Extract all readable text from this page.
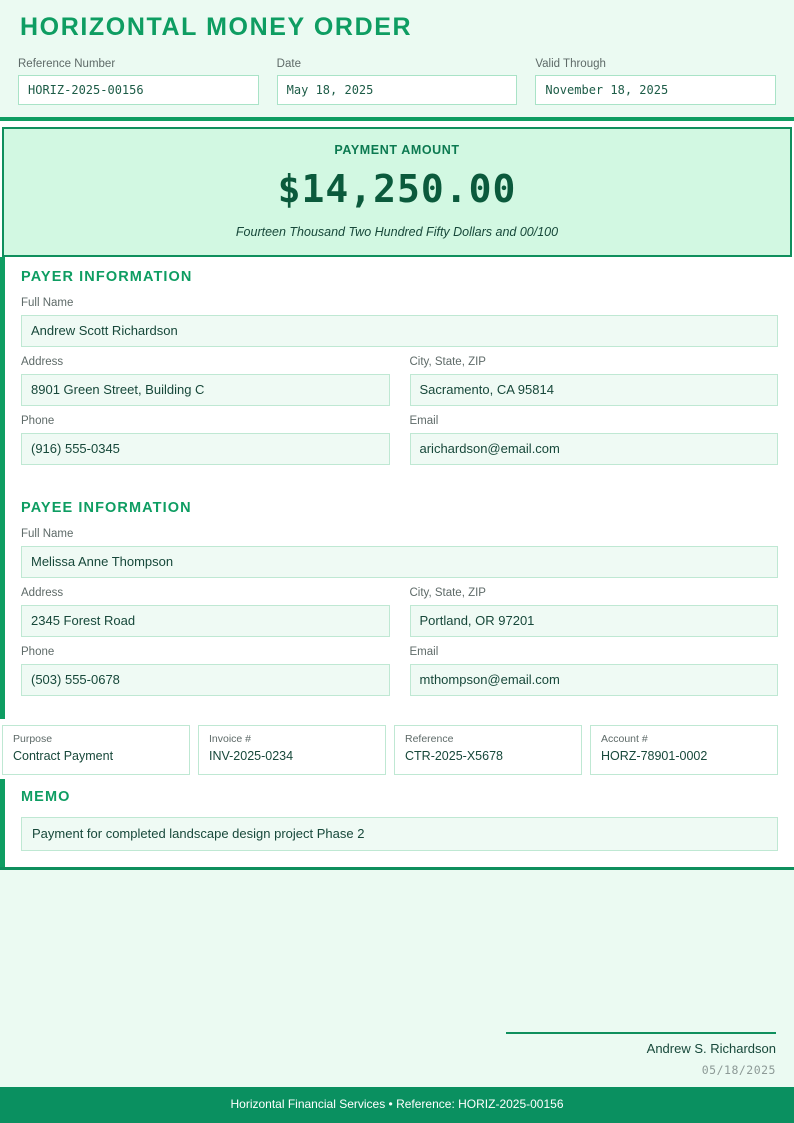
HORIZONTAL MONEY ORDER
Reference Number
HORIZ-2025-00156
Date
May 18, 2025
Valid Through
November 18, 2025
PAYMENT AMOUNT
$14,250.00
Fourteen Thousand Two Hundred Fifty Dollars and 00/100
PAYER INFORMATION
Full Name
Andrew Scott Richardson
Address
8901 Green Street, Building C
City, State, ZIP
Sacramento, CA 95814
Phone
(916) 555-0345
Email
arichardson@email.com
PAYEE INFORMATION
Full Name
Melissa Anne Thompson
Address
2345 Forest Road
City, State, ZIP
Portland, OR 97201
Phone
(503) 555-0678
Email
mthompson@email.com
Purpose
Contract Payment
Invoice #
INV-2025-0234
Reference
CTR-2025-X5678
Account #
HORZ-78901-0002
MEMO
Payment for completed landscape design project Phase 2
Andrew S. Richardson
05/18/2025
Horizontal Financial Services • Reference: HORIZ-2025-00156
